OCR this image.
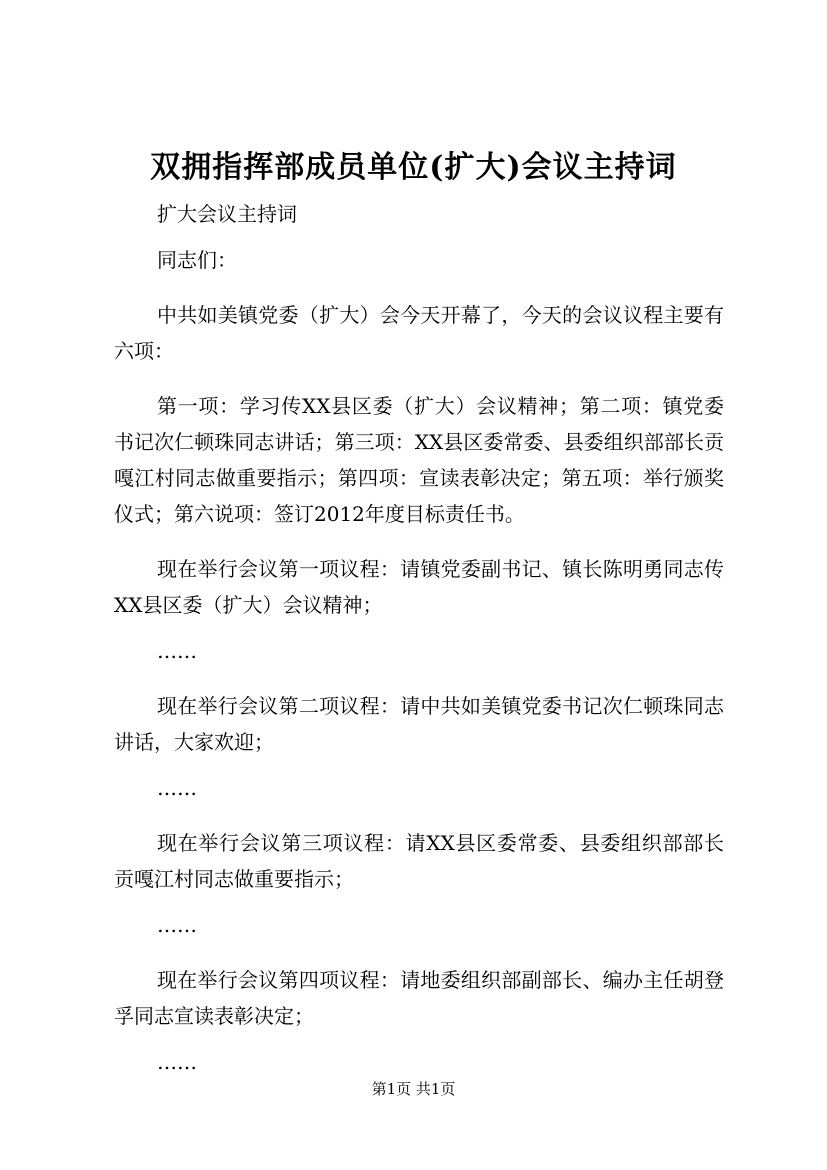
双拥指挥部成员单位(扩大)会议主持词

扩大会议主持词

同志们：

中共如美镇党委（扩大）会今天开幕了，今天的会议议程主要有六项：

第一项：学习传XX县区委（扩大）会议精神；第二项：镇党委书记次仁顿珠同志讲话；第三项：XX县区委常委、县委组织部部长贡嘎江村同志做重要指示；第四项：宣读表彰决定；第五项：举行颁奖仪式；第六说项：签订2012年度目标责任书。

现在举行会议第一项议程：请镇党委副书记、镇长陈明勇同志传XX县区委（扩大）会议精神；

……

现在举行会议第二项议程：请中共如美镇党委书记次仁顿珠同志讲话，大家欢迎；

……

现在举行会议第三项议程：请XX县区委常委、县委组织部部长贡嘎江村同志做重要指示；

……

现在举行会议第四项议程：请地委组织部副部长、编办主任胡登孚同志宣读表彰决定；

……

第1页 共1页
